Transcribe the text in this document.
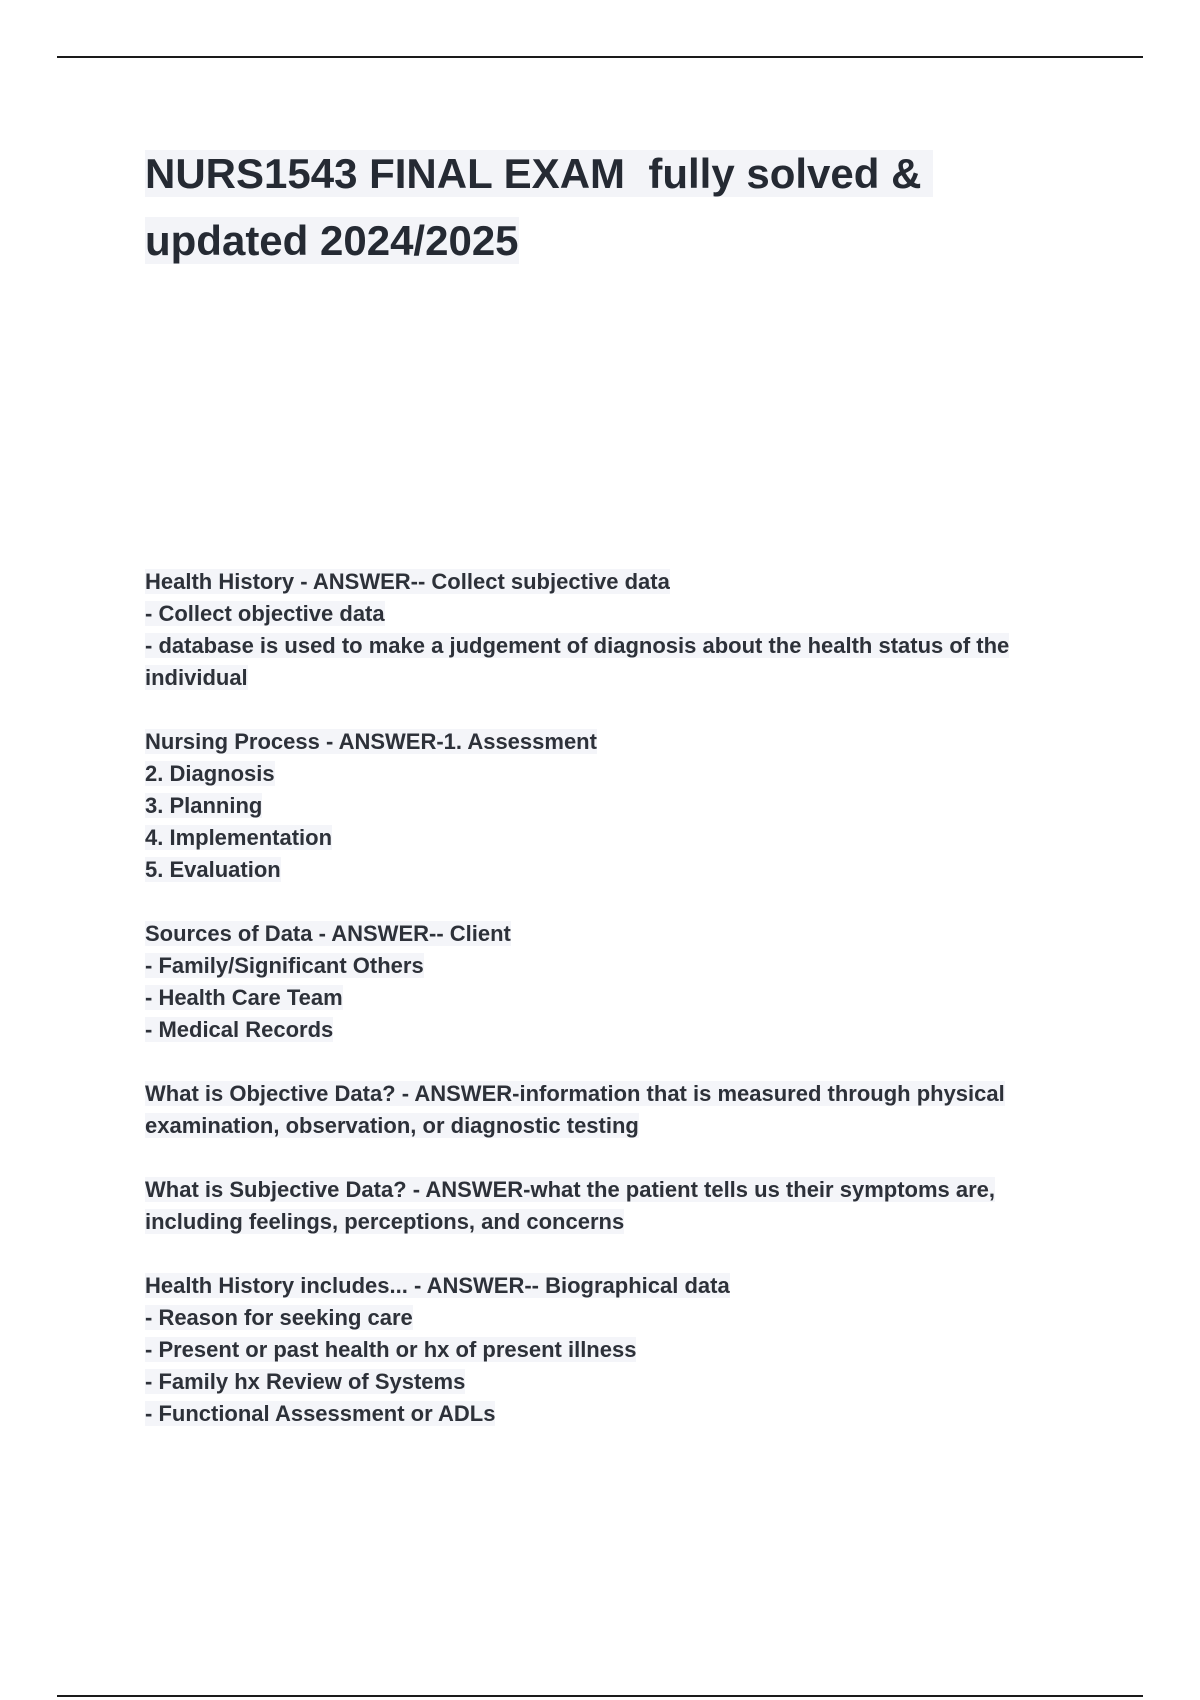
NURS1543 FINAL EXAM  fully solved & updated 2024/2025
Health History - ANSWER-- Collect subjective data
- Collect objective data
- database is used to make a judgement of diagnosis about the health status of the individual
Nursing Process - ANSWER-1. Assessment
2. Diagnosis
3. Planning
4. Implementation
5. Evaluation
Sources of Data - ANSWER-- Client
- Family/Significant Others
- Health Care Team
- Medical Records
What is Objective Data? - ANSWER-information that is measured through physical examination, observation, or diagnostic testing
What is Subjective Data? - ANSWER-what the patient tells us their symptoms are, including feelings, perceptions, and concerns
Health History includes... - ANSWER-- Biographical data
- Reason for seeking care
- Present or past health or hx of present illness
- Family hx Review of Systems
- Functional Assessment or ADLs
